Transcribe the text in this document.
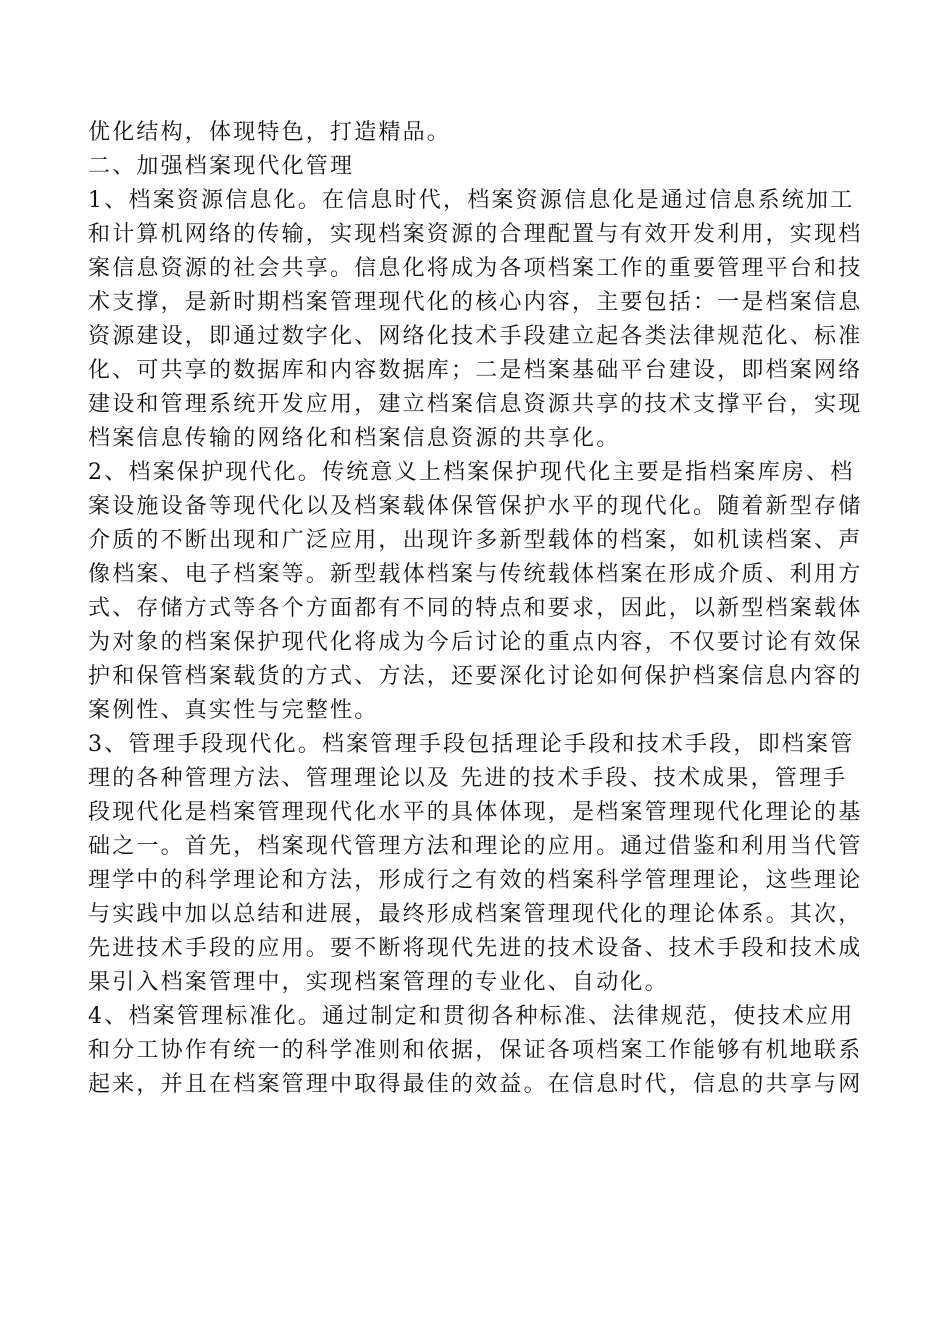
优化结构，体现特色，打造精品。
二、加强档案现代化管理
1、档案资源信息化。在信息时代，档案资源信息化是通过信息系统加工
和计算机网络的传输，实现档案资源的合理配置与有效开发利用，实现档
案信息资源的社会共享。信息化将成为各项档案工作的重要管理平台和技
术支撑，是新时期档案管理现代化的核心内容，主要包括：一是档案信息
资源建设，即通过数字化、网络化技术手段建立起各类法律规范化、标准
化、可共享的数据库和内容数据库；二是档案基础平台建设，即档案网络
建设和管理系统开发应用，建立档案信息资源共享的技术支撑平台，实现
档案信息传输的网络化和档案信息资源的共享化。
2、档案保护现代化。传统意义上档案保护现代化主要是指档案库房、档
案设施设备等现代化以及档案载体保管保护水平的现代化。随着新型存储
介质的不断出现和广泛应用，出现许多新型载体的档案，如机读档案、声
像档案、电子档案等。新型载体档案与传统载体档案在形成介质、利用方
式、存储方式等各个方面都有不同的特点和要求，因此，以新型档案载体
为对象的档案保护现代化将成为今后讨论的重点内容，不仅要讨论有效保
护和保管档案载货的方式、方法，还要深化讨论如何保护档案信息内容的
案例性、真实性与完整性。
3、管理手段现代化。档案管理手段包括理论手段和技术手段，即档案管
理的各种管理方法、管理理论以及 先进的技术手段、技术成果，管理手
段现代化是档案管理现代化水平的具体体现，是档案管理现代化理论的基
础之一。首先，档案现代管理方法和理论的应用。通过借鉴和利用当代管
理学中的科学理论和方法，形成行之有效的档案科学管理理论，这些理论
与实践中加以总结和进展，最终形成档案管理现代化的理论体系。其次，
先进技术手段的应用。要不断将现代先进的技术设备、技术手段和技术成
果引入档案管理中，实现档案管理的专业化、自动化。
4、档案管理标准化。通过制定和贯彻各种标准、法律规范，使技术应用
和分工协作有统一的科学准则和依据，保证各项档案工作能够有机地联系
起来，并且在档案管理中取得最佳的效益。在信息时代，信息的共享与网
